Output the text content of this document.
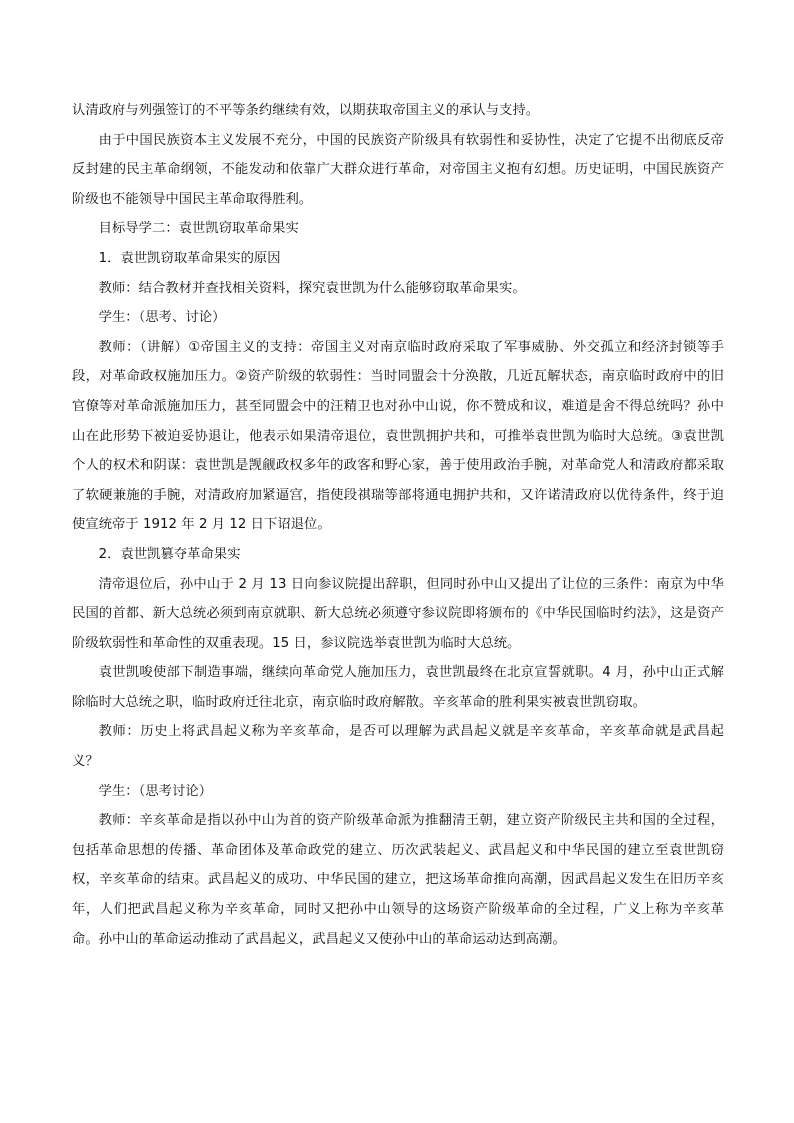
认清政府与列强签订的不平等条约继续有效，以期获取帝国主义的承认与支持。

由于中国民族资本主义发展不充分，中国的民族资产阶级具有软弱性和妥协性，决定了它提不出彻底反帝反封建的民主革命纲领，不能发动和依靠广大群众进行革命，对帝国主义抱有幻想。历史证明，中国民族资产阶级也不能领导中国民主革命取得胜利。

目标导学二：袁世凯窃取革命果实

1．袁世凯窃取革命果实的原因

教师：结合教材并查找相关资料，探究袁世凯为什么能够窃取革命果实。

学生：（思考、讨论）

教师：（讲解）①帝国主义的支持：帝国主义对南京临时政府采取了军事威胁、外交孤立和经济封锁等手段，对革命政权施加压力。②资产阶级的软弱性：当时同盟会十分涣散，几近瓦解状态，南京临时政府中的旧官僚等对革命派施加压力，甚至同盟会中的汪精卫也对孙中山说，你不赞成和议，难道是舍不得总统吗？孙中山在此形势下被迫妥协退让，他表示如果清帝退位，袁世凯拥护共和，可推举袁世凯为临时大总统。③袁世凯个人的权术和阴谋：袁世凯是觊觎政权多年的政客和野心家，善于使用政治手腕，对革命党人和清政府都采取了软硬兼施的手腕，对清政府加紧逼宫，指使段祺瑞等部将通电拥护共和，又许诺清政府以优待条件，终于迫使宣统帝于 1912 年 2 月 12 日下诏退位。

2．袁世凯篡夺革命果实

清帝退位后，孙中山于 2 月 13 日向参议院提出辞职，但同时孙中山又提出了让位的三条件：南京为中华民国的首都、新大总统必须到南京就职、新大总统必须遵守参议院即将颁布的《中华民国临时约法》，这是资产阶级软弱性和革命性的双重表现。15 日，参议院选举袁世凯为临时大总统。

袁世凯唆使部下制造事端，继续向革命党人施加压力，袁世凯最终在北京宣誓就职。4 月，孙中山正式解除临时大总统之职，临时政府迁往北京，南京临时政府解散。辛亥革命的胜利果实被袁世凯窃取。

教师：历史上将武昌起义称为辛亥革命，是否可以理解为武昌起义就是辛亥革命，辛亥革命就是武昌起义？

学生：（思考讨论）

教师：辛亥革命是指以孙中山为首的资产阶级革命派为推翻清王朝，建立资产阶级民主共和国的全过程，包括革命思想的传播、革命团体及革命政党的建立、历次武装起义、武昌起义和中华民国的建立至袁世凯窃权，辛亥革命的结束。武昌起义的成功、中华民国的建立，把这场革命推向高潮，因武昌起义发生在旧历辛亥年，人们把武昌起义称为辛亥革命，同时又把孙中山领导的这场资产阶级革命的全过程，广义上称为辛亥革命。孙中山的革命运动推动了武昌起义，武昌起义又使孙中山的革命运动达到高潮。
